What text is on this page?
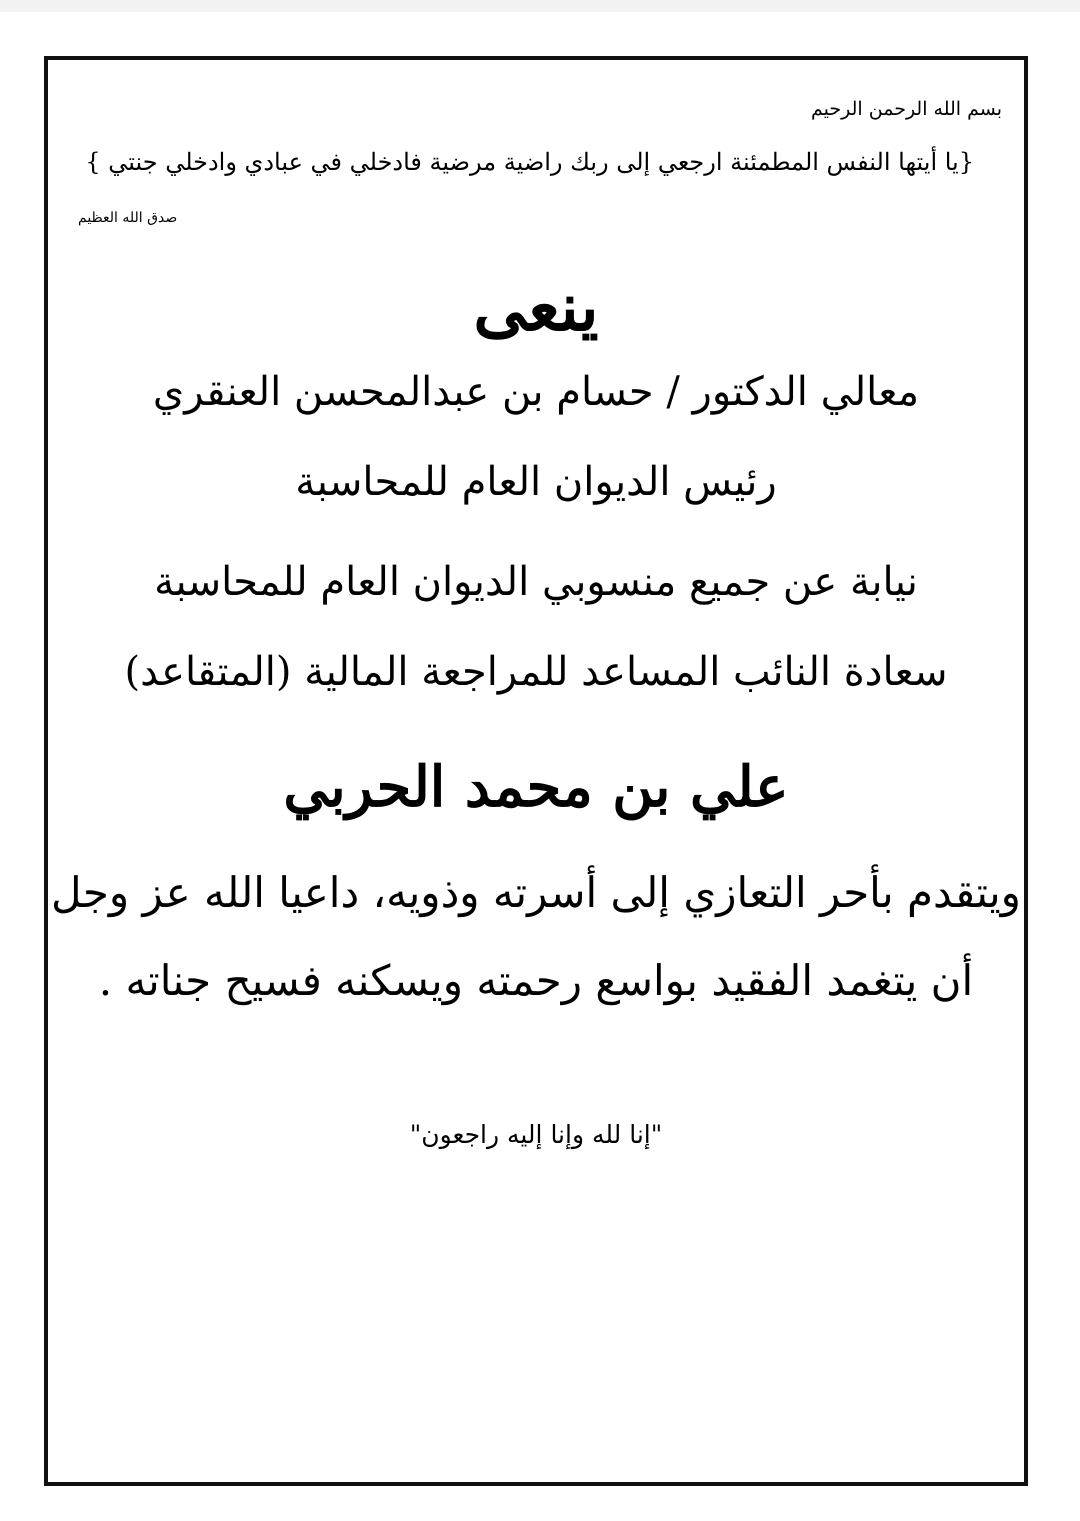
بسم الله الرحمن الرحيم
{يا أيتها النفس المطمئنة ارجعي إلى ربك راضية مرضية فادخلي في عبادي وادخلي جنتي }
صدق الله العظيم
ينعى
معالي الدكتور / حسام بن عبدالمحسن العنقري
رئيس الديوان العام للمحاسبة
نيابة عن جميع منسوبي الديوان العام للمحاسبة
سعادة النائب المساعد للمراجعة المالية (المتقاعد)
علي بن محمد الحربي
ويتقدم بأحر التعازي إلى أسرته وذويه، داعيا الله عز وجل
أن يتغمد الفقيد بواسع رحمته ويسكنه فسيح جناته .
"إنا لله وإنا إليه راجعون"
